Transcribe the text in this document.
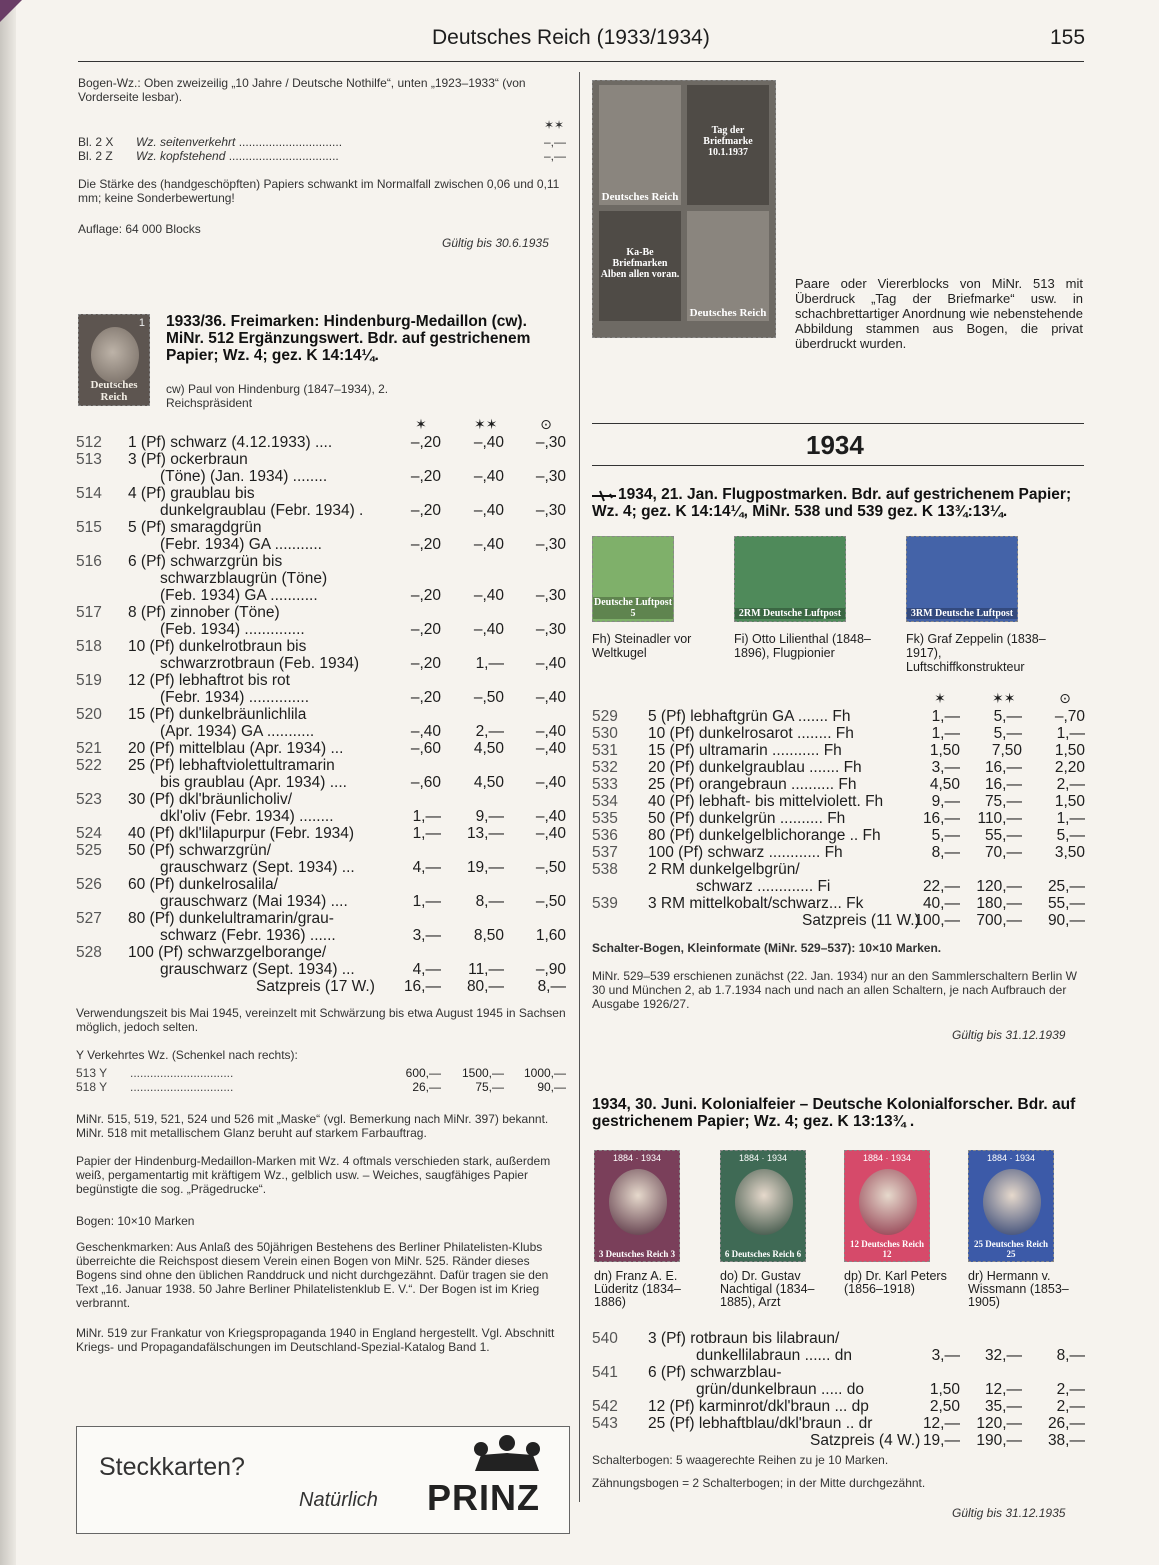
Deutsches Reich (1933/1934)	155
Bogen-Wz.: Oben zweizeilig „10 Jahre / Deutsche Nothilfe“, unten „1923–1933“ (von Vorderseite lesbar).
✶✶
Bl. 2 X Wz. seitenverkehrt ...............................	–,—
Bl. 2 Z Wz. kopfstehend .................................	–,—
Die Stärke des (handgeschöpften) Papiers schwankt im Normalfall zwischen 0,06 und 0,11 mm; keine Sonderbewertung!
Auflage: 64 000 Blocks
Gültig bis 30.6.1935
1
Deutsches Reich
1933/36. Freimarken: Hindenburg-Medaillon (cw). MiNr. 512 Ergänzungswert. Bdr. auf gestrichenem Papier; Wz. 4; gez. K 14:14¼.
cw) Paul von Hindenburg (1847–1934), 2. Reichspräsident
Verwendungszeit bis Mai 1945, vereinzelt mit Schwärzung bis etwa August 1945 in Sachsen möglich, jedoch selten.
Y Verkehrtes Wz. (Schenkel nach rechts):
MiNr. 515, 519, 521, 524 und 526 mit „Maske“ (vgl. Bemerkung nach MiNr. 397) bekannt. MiNr. 518 mit metallischem Glanz beruht auf starkem Farbauftrag.
Papier der Hindenburg-Medaillon-Marken mit Wz. 4 oftmals verschieden stark, außerdem weiß, pergamentartig mit kräftigem Wz., gelblich usw. – Weiches, saugfähiges Papier begünstigte die sog. „Prägedrucke“.
Bogen: 10×10 Marken
Geschenkmarken: Aus Anlaß des 50jährigen Bestehens des Berliner Philatelisten-Klubs überreichte die Reichspost diesem Verein einen Bogen von MiNr. 525. Ränder dieses Bogens sind ohne den üblichen Randdruck und nicht durchgezähnt. Dafür tragen sie den Text „16. Januar 1938. 50 Jahre Berliner Philatelistenklub E. V.“. Der Bogen ist im Krieg verbrannt.
MiNr. 519 zur Frankatur von Kriegspropaganda 1940 in England hergestellt. Vgl. Abschnitt Kriegs- und Propagandafälschungen im Deutschland-Spezial-Katalog Band 1.
Steckkarten?
Natürlich PRINZ
Deutsches Reich
Tag der Briefmarke 10.1.1937
Ka-Be Briefmarken Alben allen voran.
Deutsches Reich
Paare oder Viererblocks von MiNr. 513 mit Überdruck „Tag der Briefmarke“ usw. in schachbrettartiger Anordnung wie nebenstehende Abbildung stammen aus Bogen, die privat überdruckt wurden.
1934
1934, 21. Jan. Flugpostmarken. Bdr. auf gestrichenem Papier; Wz. 4; gez. K 14:14¼, MiNr. 538 und 539 gez. K 13¾:13¼.
Schalter-Bogen, Kleinformate (MiNr. 529–537): 10×10 Marken.
MiNr. 529–539 erschienen zunächst (22. Jan. 1934) nur an den Sammlerschaltern Berlin W 30 und München 2, ab 1.7.1934 nach und nach an allen Schaltern, je nach Aufbrauch der Ausgabe 1926/27.
Gültig bis 31.12.1939
1934, 30. Juni. Kolonialfeier – Deutsche Kolonialforscher. Bdr. auf gestrichenem Papier; Wz. 4; gez. K 13:13¾ .
Schalterbogen: 5 waagerechte Reihen zu je 10 Marken.
Zähnungsbogen = 2 Schalterbogen; in der Mitte durchgezähnt.
Gültig bis 31.12.1935
✶	✶✶	⊙
512 1 (Pf) schwarz (4.12.1933) ....	–,20	–,40	–,30
513 3 (Pf) ockerbraun
(Töne) (Jan. 1934) ........	–,20	–,40	–,30
514 4 (Pf) graublau bis
dunkelgraublau (Febr. 1934) .	–,20	–,40	–,30
515 5 (Pf) smaragdgrün
(Febr. 1934) GA ...........	–,20	–,40	–,30
516 6 (Pf) schwarzgrün bis
schwarzblaugrün (Töne)
(Feb. 1934) GA ...........	–,20	–,40	–,30
517 8 (Pf) zinnober (Töne)
(Feb. 1934) ..............	–,20	–,40	–,30
518 10 (Pf) dunkelrotbraun bis
schwarzrotbraun (Feb. 1934)	–,20	1,—	–,40
519 12 (Pf) lebhaftrot bis rot
(Febr. 1934) ..............	–,20	–,50	–,40
520 15 (Pf) dunkelbräunlichlila
(Apr. 1934) GA ...........	–,40	2,—	–,40
521 20 (Pf) mittelblau (Apr. 1934) ...	–,60	4,50	–,40
522 25 (Pf) lebhaftviolettultramarin
bis graublau (Apr. 1934) ....	–,60	4,50	–,40
523 30 (Pf) dkl'bräunlicholiv/
dkl'oliv (Febr. 1934) ........	1,—	9,—	–,40
524 40 (Pf) dkl'lilapurpur (Febr. 1934)	1,—	13,—	–,40
525 50 (Pf) schwarzgrün/
grauschwarz (Sept. 1934) ...	4,—	19,—	–,50
526 60 (Pf) dunkelrosalila/
grauschwarz (Mai 1934) ....	1,—	8,—	–,50
527 80 (Pf) dunkelultramarin/grau-
schwarz (Febr. 1936) ......	3,—	8,50	1,60
528 100 (Pf) schwarzgelborange/
grauschwarz (Sept. 1934) ...	4,—	11,—	–,90
Satzpreis (17 W.)	16,—	80,—	8,—
513 Y ...............................	600,—	1500,—	1000,—
518 Y ...............................	26,—	75,—	90,—
Deutsche Luftpost 5
Fh) Steinadler vor Weltkugel
2RM Deutsche Luftpost
Fi) Otto Lilienthal (1848–1896), Flugpionier
3RM Deutsche Luftpost
Fk) Graf Zeppelin (1838–1917), Luftschiffkonstrukteur
✶	✶✶	⊙
529 5 (Pf) lebhaftgrün GA ....... Fh	1,—	5,—	–,70
530 10 (Pf) dunkelrosarot ........ Fh	1,—	5,—	1,—
531 15 (Pf) ultramarin ........... Fh	1,50	7,50	1,50
532 20 (Pf) dunkelgraublau ....... Fh	3,—	16,—	2,20
533 25 (Pf) orangebraun .......... Fh	4,50	16,—	2,—
534 40 (Pf) lebhaft- bis mittelviolett. Fh	9,—	75,—	1,50
535 50 (Pf) dunkelgrün .......... Fh	16,—	110,—	1,—
536 80 (Pf) dunkelgelblichorange .. Fh	5,—	55,—	5,—
537 100 (Pf) schwarz ............ Fh	8,—	70,—	3,50
538 2 RM dunkelgelbgrün/
schwarz ............. Fi	22,—	120,—	25,—
539 3 RM mittelkobalt/schwarz... Fk	40,—	180,—	55,—
Satzpreis (11 W.)
100,—	700,—	90,—
1884 · 1934
3 Deutsches Reich 3
dn) Franz A. E. Lüderitz (1834–1886)
1884 · 1934
6 Deutsches Reich 6
do) Dr. Gustav Nachtigal (1834–1885), Arzt
1884 · 1934
12 Deutsches Reich 12
dp) Dr. Karl Peters (1856–1918)
1884 · 1934
25 Deutsches Reich 25
dr) Hermann v. Wissmann (1853–1905)
540 3 (Pf) rotbraun bis lilabraun/
dunkellilabraun ...... dn	3,—	32,—	8,—
541 6 (Pf) schwarzblau-
grün/dunkelbraun ..... do	1,50	12,—	2,—
542 12 (Pf) karminrot/dkl'braun ... dp	2,50	35,—	2,—
543 25 (Pf) lebhaftblau/dkl'braun .. dr	12,—	120,—	26,—
Satzpreis (4 W.) 19,—	190,—	38,—
